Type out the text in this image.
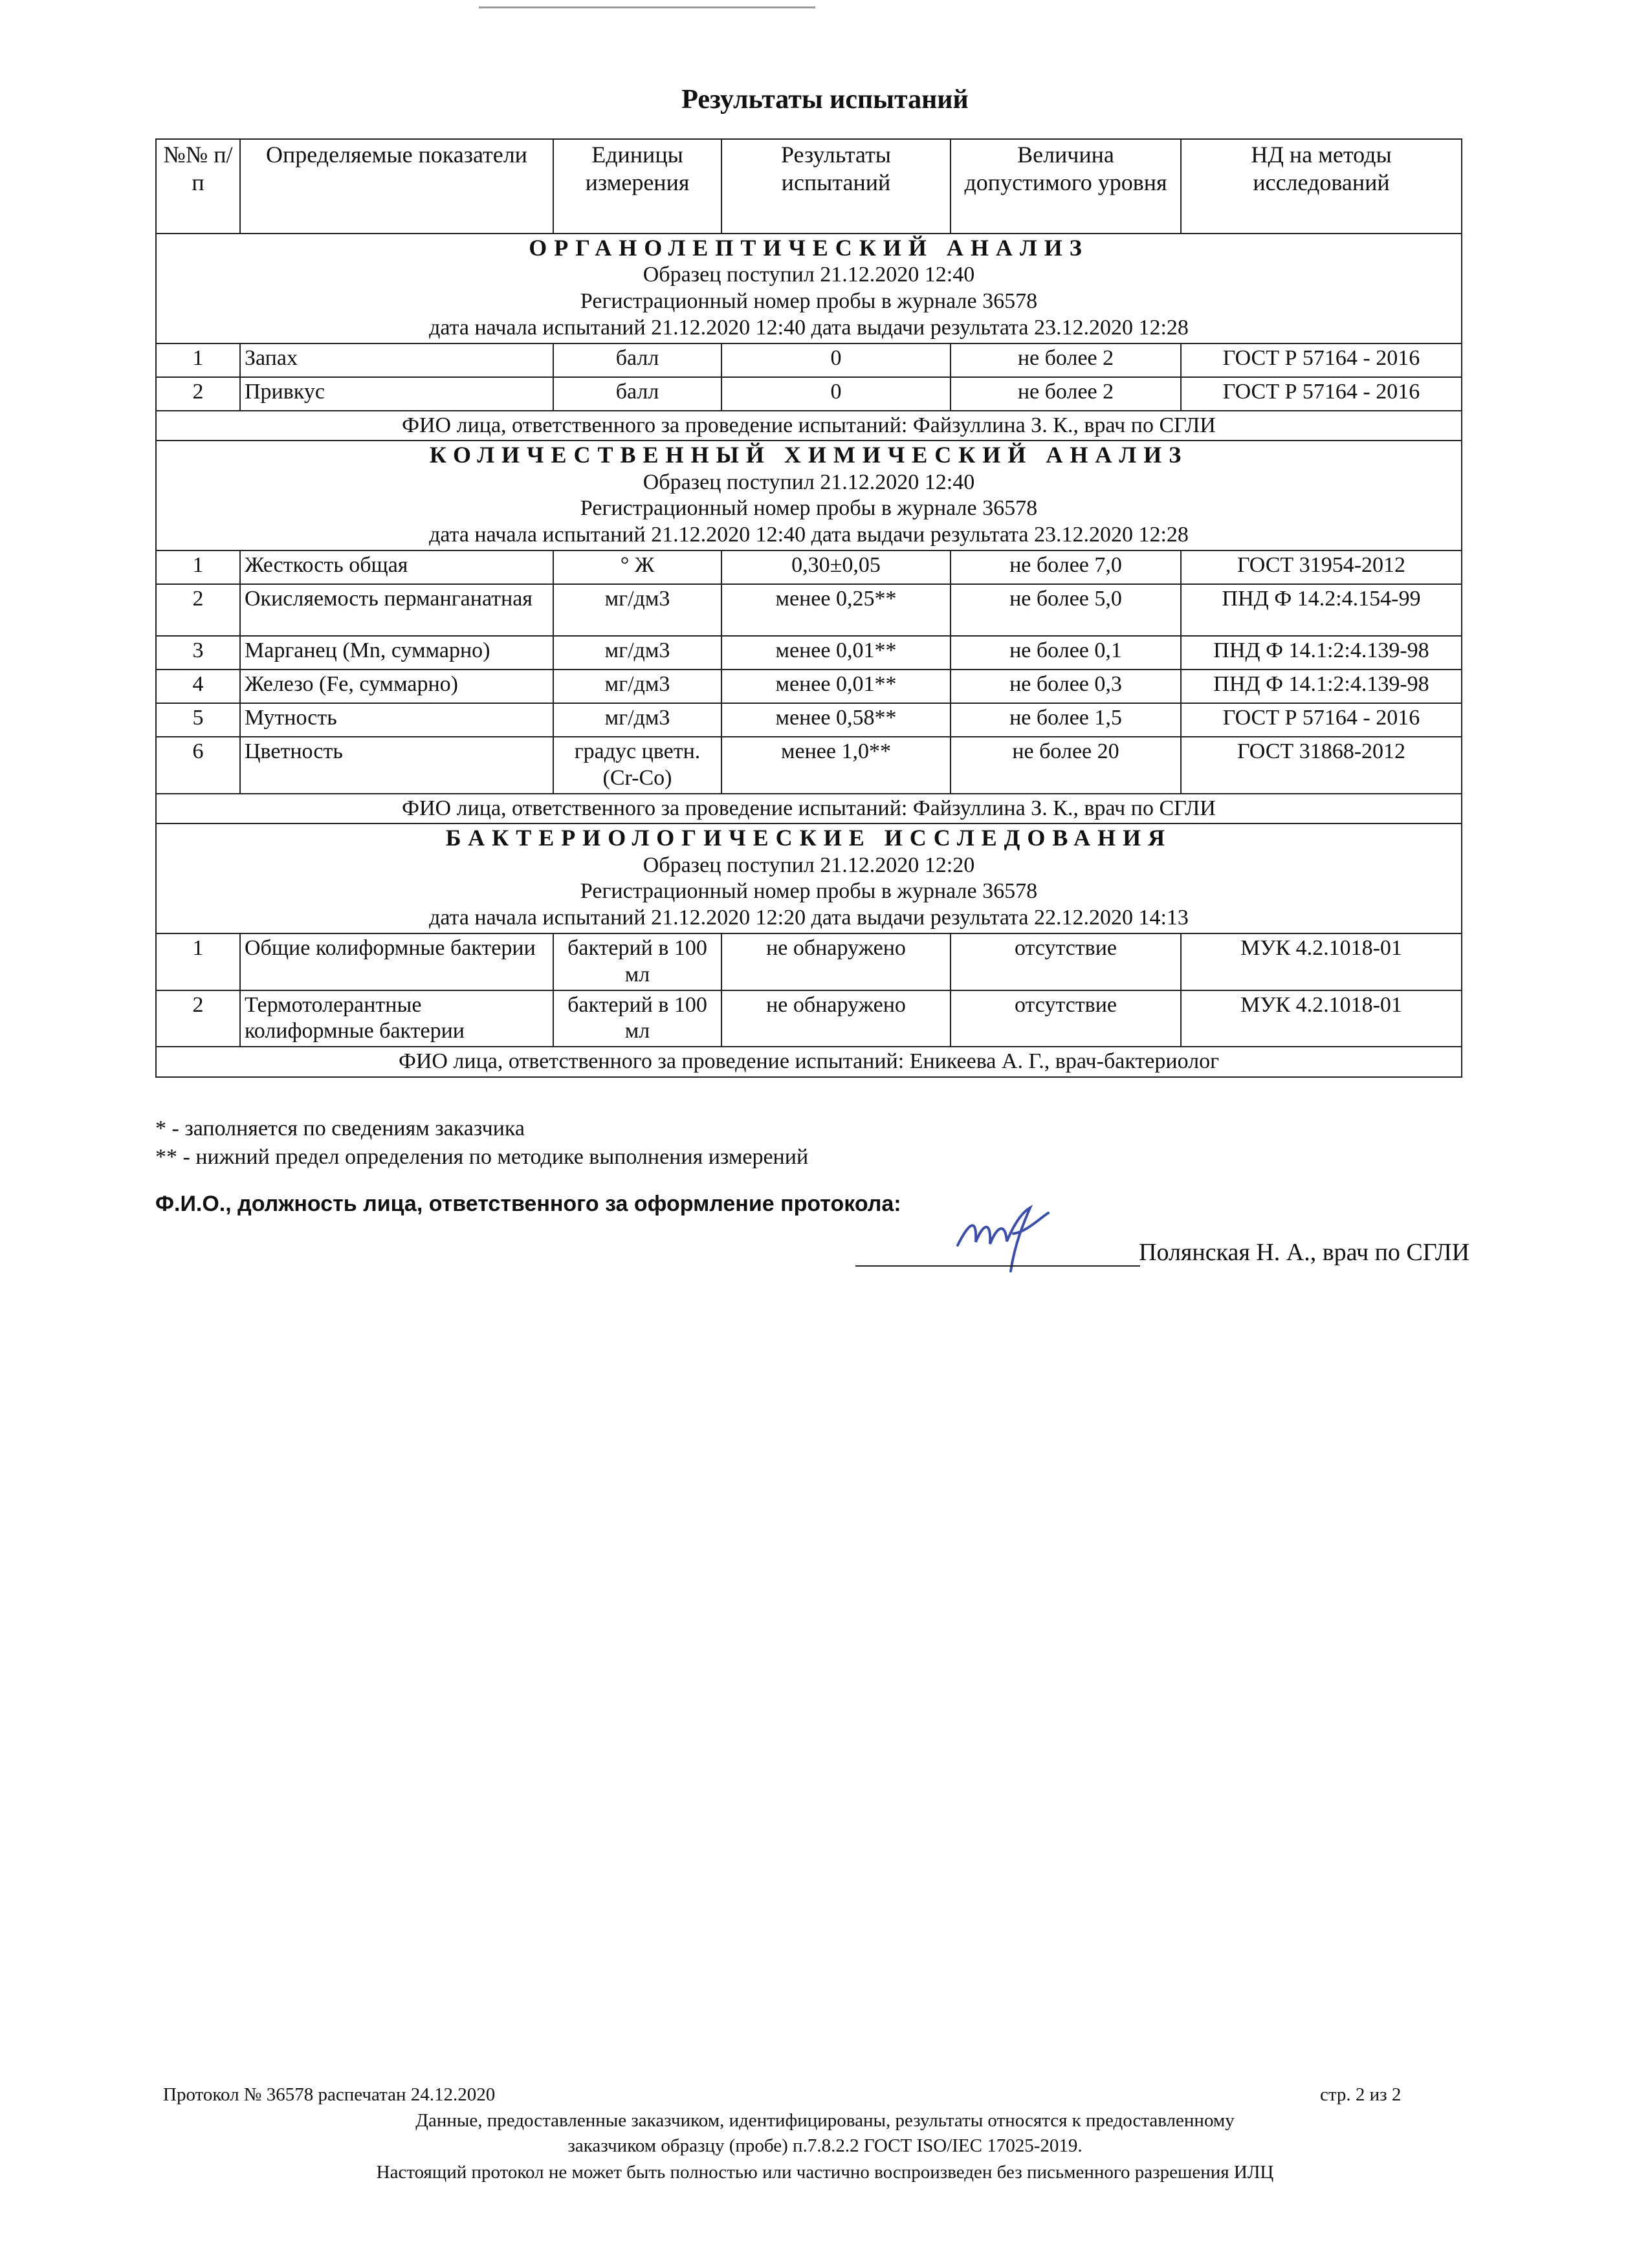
Результаты испытаний
№№ п/п	Определяемые показатели	Единицы измерения	Результаты испытаний	Величина допустимого уровня	НД на методы исследований
ОРГАНОЛЕПТИЧЕСКИЙ АНАЛИЗ					
Образец поступил 21.12.2020 12:40					
Регистрационный номер пробы в журнале 36578					
дата начала испытаний 21.12.2020 12:40 дата выдачи результата 23.12.2020 12:28					
1	Запах	балл	0	не более 2	ГОСТ Р 57164 - 2016
2	Привкус	балл	0	не более 2	ГОСТ Р 57164 - 2016
ФИО лица, ответственного за проведение испытаний: Файзуллина З. К., врач по СГЛИ					
КОЛИЧЕСТВЕННЫЙ ХИМИЧЕСКИЙ АНАЛИЗ					
Образец поступил 21.12.2020 12:40					
Регистрационный номер пробы в журнале 36578					
дата начала испытаний 21.12.2020 12:40 дата выдачи результата 23.12.2020 12:28					
1	Жесткость общая	° Ж	0,30±0,05	не более 7,0	ГОСТ 31954-2012
2	Окисляемость перманганатная	мг/дм3	менее 0,25**	не более 5,0	ПНД Ф 14.2:4.154-99
3	Марганец (Mn, суммарно)	мг/дм3	менее 0,01**	не более 0,1	ПНД Ф 14.1:2:4.139-98
4	Железо (Fe, суммарно)	мг/дм3	менее 0,01**	не более 0,3	ПНД Ф 14.1:2:4.139-98
5	Мутность	мг/дм3	менее 0,58**	не более 1,5	ГОСТ Р 57164 - 2016
6	Цветность	градус цветн.(Cr-Co)	менее 1,0**	не более 20	ГОСТ 31868-2012
ФИО лица, ответственного за проведение испытаний: Файзуллина З. К., врач по СГЛИ					
БАКТЕРИОЛОГИЧЕСКИЕ ИССЛЕДОВАНИЯ					
Образец поступил 21.12.2020 12:20					
Регистрационный номер пробы в журнале 36578					
дата начала испытаний 21.12.2020 12:20 дата выдачи результата 22.12.2020 14:13					
1	Общие колиформные бактерии	бактерий в 100 мл	не обнаружено	отсутствие	МУК 4.2.1018-01
2	Термотолерантные колиформные бактерии	бактерий в 100 мл	не обнаружено	отсутствие	МУК 4.2.1018-01
ФИО лица, ответственного за проведение испытаний: Еникеева А. Г., врач-бактериолог					
* - заполняется по сведениям заказчика
** - нижний предел определения по методике выполнения измерений
Ф.И.О., должность лица, ответственного за оформление протокола:
Полянская Н. А., врач по СГЛИ
Протокол № 36578 распечатан 24.12.2020	стр. 2 из 2
Данные, предоставленные заказчиком, идентифицированы, результаты относятся к предоставленному
заказчиком образцу (пробе) п.7.8.2.2 ГОСТ ISO/IEC 17025-2019.
Настоящий протокол не может быть полностью или частично воспроизведен без письменного разрешения ИЛЦ
